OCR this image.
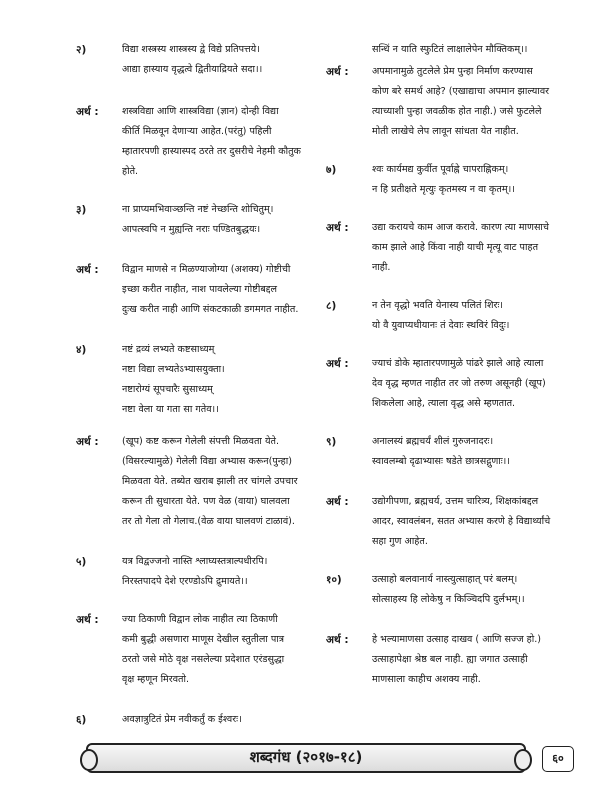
२)	विद्या शस्त्रस्य शास्त्रस्य द्वे विद्ये प्रतिपत्तये।
आद्या हास्याय वृद्धत्वे द्वितीयाद्रियते सदा।।
अर्थ :	शस्त्रविद्या आणि शास्त्रविद्या (ज्ञान) दोन्ही विद्या
कीर्ति मिळवून देणाऱ्या आहेत.(परंतु) पहिली
म्हातारपणी हास्यास्पद ठरते तर दुसरीचे नेहमी कौतुक
होते.
३)	ना प्राप्यमभिवाञ्छन्ति नष्टं नेच्छन्ति शोचितुम्।
आपत्स्वपि न मुह्यन्ति नराः पण्डितबुद्धयः।
अर्थ :	विद्वान माणसे न मिळण्याजोग्या (अशक्य) गोष्टीची
इच्छा करीत नाहीत, नाश पावलेल्या गोष्टीबद्दल
दुःख करीत नाही आणि संकटकाळी डगमगत नाहीत.
४)	नष्टं द्रव्यं लभ्यते कष्टसाध्यम्
नष्टा विद्या लभ्यतेऽभ्यासयुक्ता।
नष्टारोग्यं सूपचारैः सुसाध्यम्
नष्टा वेला या गता सा गतेव।।
अर्थ :	(खूप) कष्ट करून गेलेली संपत्ती मिळवता येते.
(विसरल्यामुळे) गेलेली विद्या अभ्यास करून(पुन्हा)
मिळवता येते. तब्येत खराब झाली तर चांगले उपचार
करून ती सुधारता येते. पण वेळ (वाया) घालवला
तर तो गेला तो गेलाच.(वेळ वाया घालवणं टाळावं).
५)	यत्र विद्वज्जनो नास्ति श्लाघ्यस्तत्राल्पधीरपि।
निरस्तपादपे देशे एरण्डोऽपि द्रुमायते।।
अर्थ :	ज्या ठिकाणी विद्वान लोक नाहीत त्या ठिकाणी
कमी बुद्धी असणारा माणूस देखील स्तुतीला पात्र
ठरतो जसे मोठे वृक्ष नसलेल्या प्रदेशात एरंडसुद्धा
वृक्ष म्हणून मिरवतो.
६)	अवज्ञात्रुटितं प्रेम नवीकर्तुं क ईश्वरः।
सन्धिं न याति स्फुटितं लाक्षालेपेन मौक्तिकम्।।
अर्थ :	अपमानामुळे तुटलेले प्रेम पुन्हा निर्माण करण्यास
कोण बरे समर्थ आहे? (एखाद्याचा अपमान झाल्यावर
त्याच्याशी पुन्हा जवळीक होत नाही.) जसे फुटलेले
मोती लाखेचे लेप लावून सांधता येत नाहीत.
७)	श्वः कार्यमद्य कुर्वीत पूर्वाह्ने चापराह्निकम्।
न हि प्रतीक्षते मृत्युः कृतमस्य न वा कृतम्।।
अर्थ :	उद्या करायचे काम आज करावे. कारण त्या माणसाचे
काम झाले आहे किंवा नाही याची मृत्यू वाट पाहत
नाही.
८)	न तेन वृद्धो भवति येनास्य पलितं शिरः।
यो वै युवाप्यधीयानः तं देवाः स्थविरं विदुः।
अर्थ :	ज्याचं डोके म्हातारपणामुळे पांढरे झाले आहे त्याला
देव वृद्ध म्हणत नाहीत तर जो तरुण असूनही (खूप)
शिकलेला आहे, त्याला वृद्ध असे म्हणतात.
९)	अनालस्यं ब्रह्मचर्यं शीलं गुरुजनादरः।
स्वावलम्बो दृढाभ्यासः षडेते छात्रसद्गुणाः।।
अर्थ :	उद्योगीपणा, ब्रह्मचर्य, उत्तम चारित्र्य, शिक्षकांबद्दल
आदर, स्वावलंबन, सतत अभ्यास करणे हे विद्यार्थ्यांचे
सहा गुण आहेत.
१०)	उत्साहो बलवानार्य नास्त्युत्साहात् परं बलम्।
सोत्साहस्य हि लोकेषु न किञ्चिदपि दुर्लभम्।।
अर्थ :	हे भल्यामाणसा उत्साह दाखव ( आणि सज्ज हो.)
उत्साहापेक्षा श्रेष्ठ बल नाही. ह्या जगात उत्साही
माणसाला काहीच अशक्य नाही.
शब्दगंध (२०१७-१८)	६०
